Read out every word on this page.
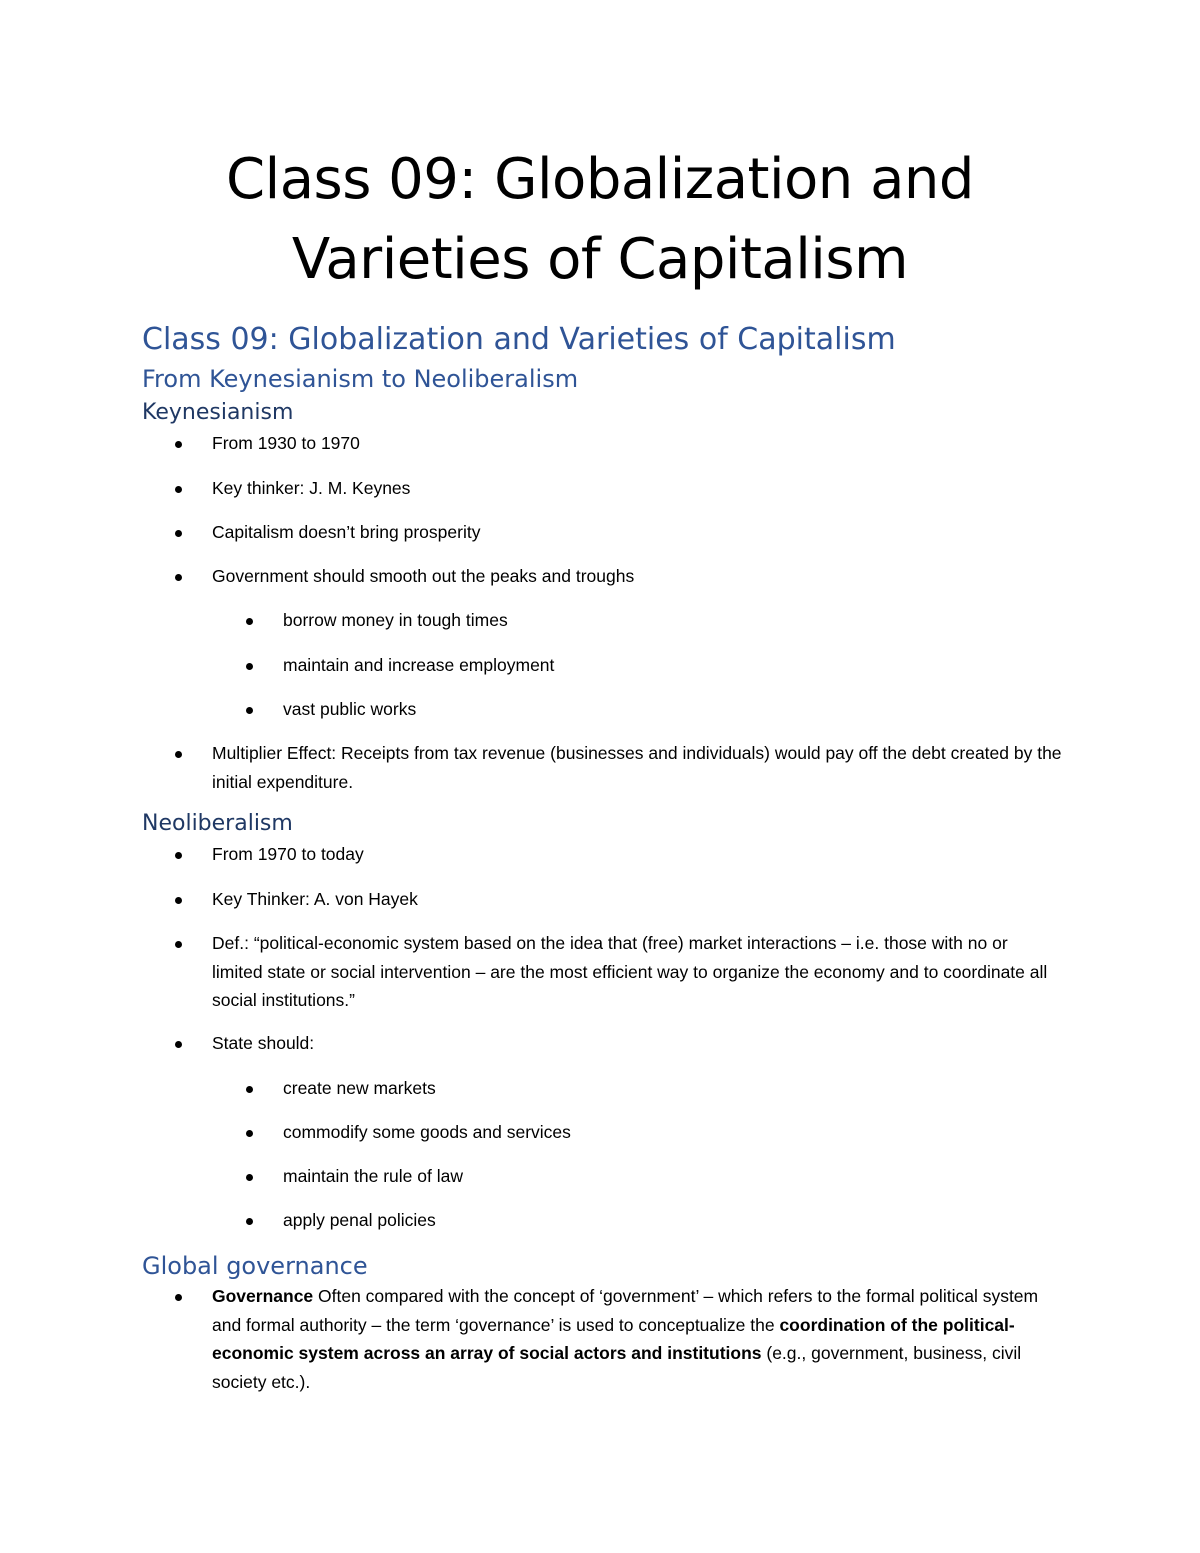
Class 09: Globalization and
Varieties of Capitalism
Class 09: Globalization and Varieties of Capitalism
From Keynesianism to Neoliberalism
Keynesianism
From 1930 to 1970
Key thinker: J. M. Keynes
Capitalism doesn’t bring prosperity
Government should smooth out the peaks and troughs
borrow money in tough times
maintain and increase employment
vast public works
Multiplier Effect: Receipts from tax revenue (businesses and individuals) would pay off the debt created by the initial expenditure.
Neoliberalism
From 1970 to today
Key Thinker: A. von Hayek
Def.: “political-economic system based on the idea that (free) market interactions – i.e. those with no or limited state or social intervention – are the most efficient way to organize the economy and to coordinate all social institutions.”
State should:
create new markets
commodify some goods and services
maintain the rule of law
apply penal policies
Global governance
Governance Often compared with the concept of ‘government’ – which refers to the formal political system and formal authority – the term ‘governance’ is used to conceptualize the coordination of the political-economic system across an array of social actors and institutions (e.g., government, business, civil society etc.).
